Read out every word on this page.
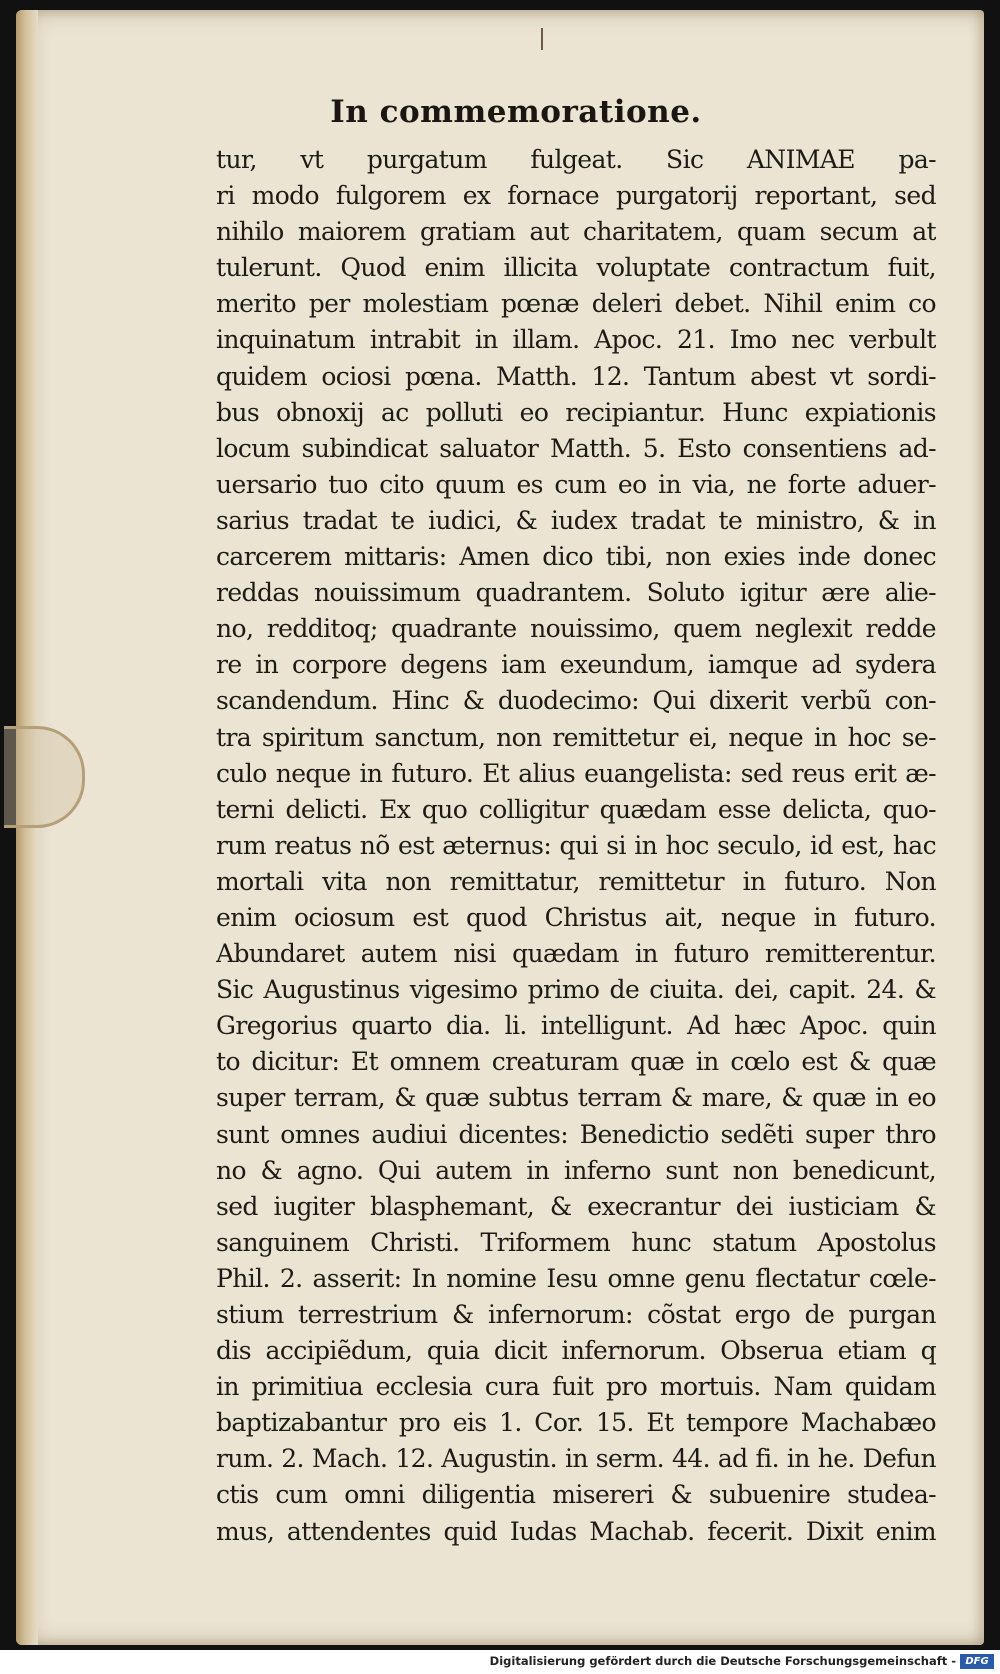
In commemoratione.
tur, vt purgatum fulgeat. Sic ANIMAE pa-
ri modo fulgorem ex fornace purgatorij reportant, sed
nihilo maiorem gratiam aut charitatem, quam secum at
tulerunt. Quod enim illicita voluptate contractum fuit,
merito per molestiam pœnæ deleri debet. Nihil enim co
inquinatum intrabit in illam. Apoc. 21. Imo nec verbult
quidem ociosi pœna. Matth. 12. Tantum abest vt sordi-
bus obnoxij ac polluti eo recipiantur. Hunc expiationis
locum subindicat saluator Matth. 5. Esto consentiens ad-
uersario tuo cito quum es cum eo in via, ne forte aduer-
sarius tradat te iudici, & iudex tradat te ministro, & in
carcerem mittaris: Amen dico tibi, non exies inde donec
reddas nouissimum quadrantem. Soluto igitur ære alie-
no, redditoq; quadrante nouissimo, quem neglexit redde
re in corpore degens iam exeundum, iamque ad sydera
scandendum. Hinc & duodecimo: Qui dixerit verbũ con-
tra spiritum sanctum, non remittetur ei, neque in hoc se-
culo neque in futuro. Et alius euangelista: sed reus erit æ-
terni delicti. Ex quo colligitur quædam esse delicta, quo-
rum reatus nõ est æternus: qui si in hoc seculo, id est, hac
mortali vita non remittatur, remittetur in futuro. Non
enim ociosum est quod Christus ait, neque in futuro.
Abundaret autem nisi quædam in futuro remitterentur.
Sic Augustinus vigesimo primo de ciuita. dei, capit. 24. &
Gregorius quarto dia. li. intelligunt. Ad hæc Apoc. quin
to dicitur: Et omnem creaturam quæ in cœlo est & quæ
super terram, & quæ subtus terram & mare, & quæ in eo
sunt omnes audiui dicentes: Benedictio sedẽti super thro
no & agno. Qui autem in inferno sunt non benedicunt,
sed iugiter blasphemant, & execrantur dei iusticiam &
sanguinem Christi. Triformem hunc statum Apostolus
Phil. 2. asserit: In nomine Iesu omne genu flectatur cœle-
stium terrestrium & infernorum: cõstat ergo de purgan
dis accipiẽdum, quia dicit infernorum. Obserua etiam q
in primitiua ecclesia cura fuit pro mortuis. Nam quidam
baptizabantur pro eis 1. Cor. 15. Et tempore Machabæo
rum. 2. Mach. 12. Augustin. in serm. 44. ad fi. in he. Defun
ctis cum omni diligentia misereri & subuenire studea-
mus, attendentes quid Iudas Machab. fecerit. Dixit enim
Digitalisierung gefördert durch die Deutsche Forschungsgemeinschaft - DFG
